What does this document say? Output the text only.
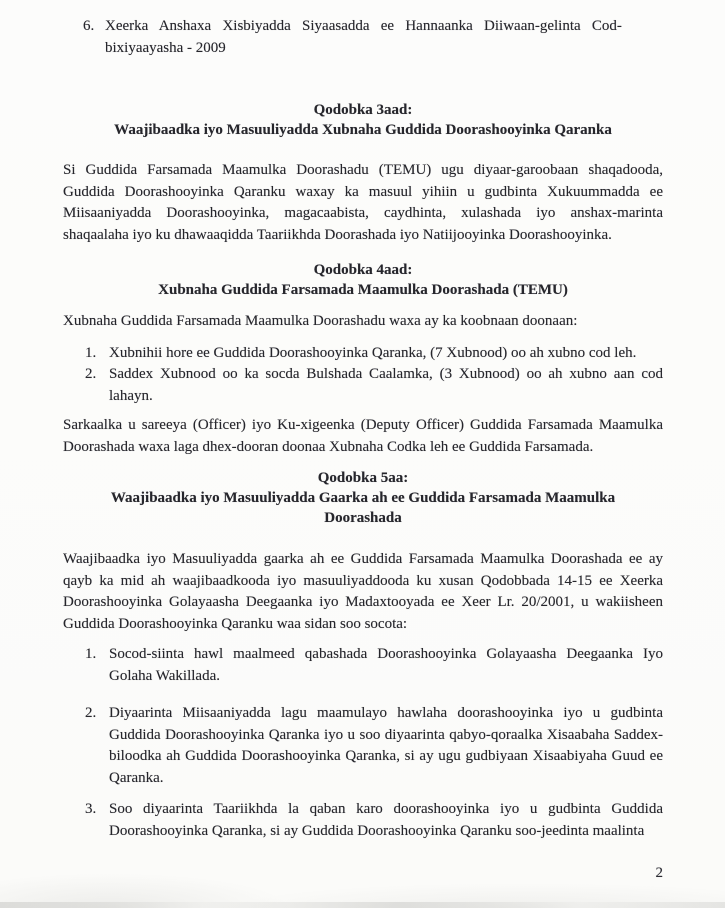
6. Xeerka Anshaxa Xisbiyadda Siyaasadda ee Hannaanka Diiwaan-gelinta Cod-
bixiyaayasha - 2009
Qodobka 3aad:
Waajibaadka iyo Masuuliyadda Xubnaha Guddida Doorashooyinka Qaranka

Si Guddida Farsamada Maamulka Doorashadu (TEMU) ugu diyaar-garoobaan shaqadooda, Guddida Doorashooyinka Qaranku waxay ka masuul yihiin u gudbinta Xukuummadda ee Miisaaniyadda Doorashooyinka, magacaabista, caydhinta, xulashada iyo anshax-marinta shaqaalaha iyo ku dhawaaqidda Taariikhda Doorashada iyo Natiijooyinka Doorashooyinka.

Qodobka 4aad:
Xubnaha Guddida Farsamada Maamulka Doorashada (TEMU)

Xubnaha Guddida Farsamada Maamulka Doorashadu waxa ay ka koobnaan doonaan:

1. Xubnihii hore ee Guddida Doorashooyinka Qaranka, (7 Xubnood) oo ah xubno cod leh.
2. Saddex Xubnood oo ka socda Bulshada Caalamka, (3 Xubnood) oo ah xubno aan cod lahayn.

Sarkaalka u sareeya (Officer) iyo Ku-xigeenka (Deputy Officer) Guddida Farsamada Maamulka Doorashada waxa laga dhex-dooran doonaa Xubnaha Codka leh ee Guddida Farsamada.

Qodobka 5aa:
Waajibaadka iyo Masuuliyadda Gaarka ah ee Guddida Farsamada Maamulka Doorashada

Waajibaadka iyo Masuuliyadda gaarka ah ee Guddida Farsamada Maamulka Doorashada ee ay qayb ka mid ah waajibaadkooda iyo masuuliyaddooda ku xusan Qodobbada 14-15 ee Xeerka Doorashooyinka Golayaasha Deegaanka iyo Madaxtooyada ee Xeer Lr. 20/2001, u wakiisheen Guddida Doorashooyinka Qaranku waa sidan soo socota:

1. Socod-siinta hawl maalmeed qabashada Doorashooyinka Golayaasha Deegaanka Iyo Golaha Wakillada.
2. Diyaarinta Miisaaniyadda lagu maamulayo hawlaha doorashooyinka iyo u gudbinta Guddida Doorashooyinka Qaranka iyo u soo diyaarinta qabyo-qoraalka Xisaabaha Saddex-biloodka ah Guddida Doorashooyinka Qaranka, si ay ugu gudbiyaan Xisaabiyaha Guud ee Qaranka.
3. Soo diyaarinta Taariikhda la qaban karo doorashooyinka iyo u gudbinta Guddida Doorashooyinka Qaranka, si ay Guddida Doorashooyinka Qaranku soo-jeedinta maalinta
2
